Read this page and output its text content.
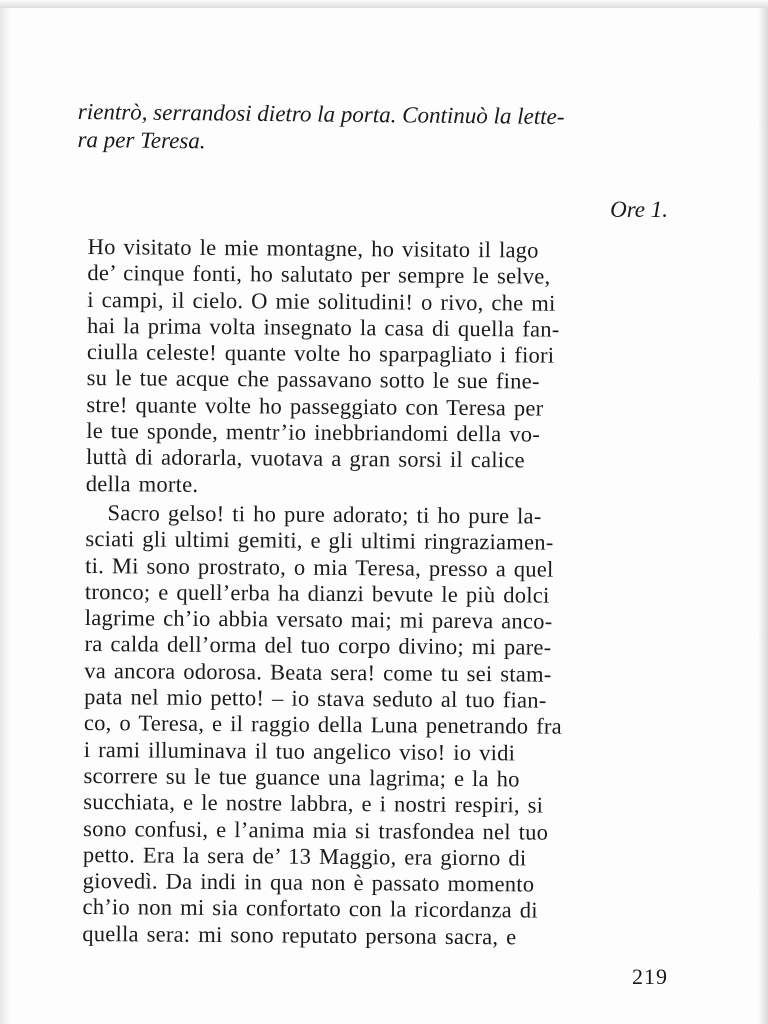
rientrò, serrandosi dietro la porta. Continuò la lette-
ra per Teresa.
Ore 1.
Ho visitato le mie montagne, ho visitato il lago
de’ cinque fonti, ho salutato per sempre le selve,
i campi, il cielo. O mie solitudini! o rivo, che mi
hai la prima volta insegnato la casa di quella fan-
ciulla celeste! quante volte ho sparpagliato i fiori
su le tue acque che passavano sotto le sue fine-
stre! quante volte ho passeggiato con Teresa per
le tue sponde, mentr’io inebbriandomi della vo-
luttà di adorarla, vuotava a gran sorsi il calice
della morte.
Sacro gelso! ti ho pure adorato; ti ho pure la-
sciati gli ultimi gemiti, e gli ultimi ringraziamen-
ti. Mi sono prostrato, o mia Teresa, presso a quel
tronco; e quell’erba ha dianzi bevute le più dolci
lagrime ch’io abbia versato mai; mi pareva anco-
ra calda dell’orma del tuo corpo divino; mi pare-
va ancora odorosa. Beata sera! come tu sei stam-
pata nel mio petto! – io stava seduto al tuo fian-
co, o Teresa, e il raggio della Luna penetrando fra
i rami illuminava il tuo angelico viso! io vidi
scorrere su le tue guance una lagrima; e la ho
succhiata, e le nostre labbra, e i nostri respiri, si
sono confusi, e l’anima mia si trasfondea nel tuo
petto. Era la sera de’ 13 Maggio, era giorno di
giovedì. Da indi in qua non è passato momento
ch’io non mi sia confortato con la ricordanza di
quella sera: mi sono reputato persona sacra, e
219
